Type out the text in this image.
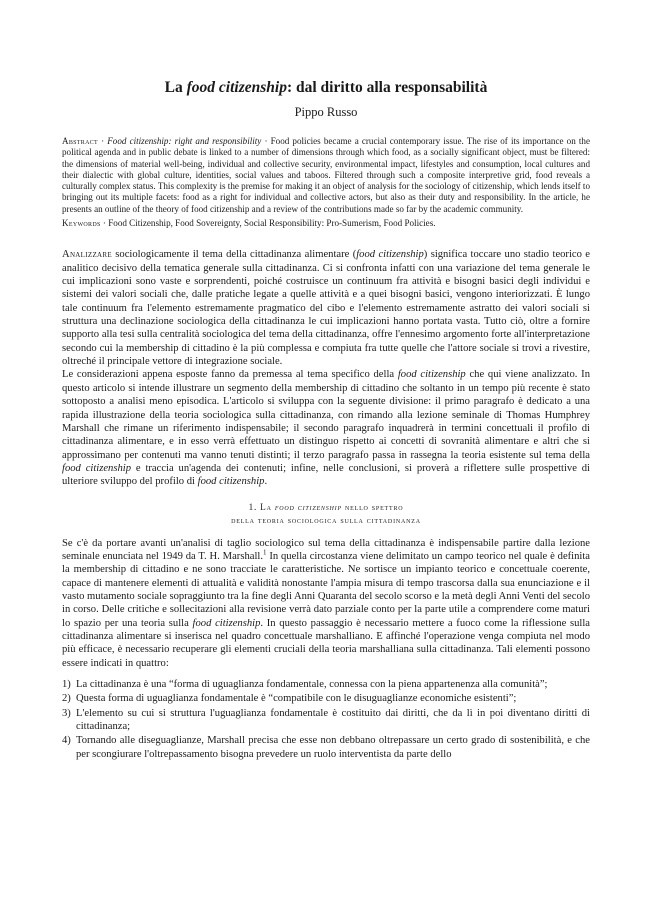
La food citizenship: dal diritto alla responsabilità
Pippo Russo
Abstract · Food citizenship: right and responsibility · Food policies became a crucial contemporary issue. The rise of its importance on the political agenda and in public debate is linked to a number of dimensions through which food, as a socially significant object, must be filtered: the dimensions of material well-being, individual and collective security, environmental impact, lifestyles and consumption, local cultures and their dialectic with global culture, identities, social values and taboos. Filtered through such a composite interpretive grid, food reveals a culturally complex status. This complexity is the premise for making it an object of analysis for the sociology of citizenship, which lends itself to bringing out its multiple facets: food as a right for individual and collective actors, but also as their duty and responsibility. In the article, he presents an outline of the theory of food citizenship and a review of the contributions made so far by the academic community.
Keywords · Food Citizenship, Food Sovereignty, Social Responsibility: Pro-Sumerism, Food Policies.

Analizzare sociologicamente il tema della cittadinanza alimentare (food citizenship) significa toccare uno stadio teorico e analitico decisivo della tematica generale sulla cittadinanza. Ci si confronta infatti con una variazione del tema generale le cui implicazioni sono vaste e sorprendenti, poiché costruisce un continuum fra attività e bisogni basici degli individui e sistemi dei valori sociali che, dalle pratiche legate a quelle attività e a quei bisogni basici, vengono interiorizzati. È lungo tale continuum fra l'elemento estremamente pragmatico del cibo e l'elemento estremamente astratto dei valori sociali si struttura una declinazione sociologica della cittadinanza le cui implicazioni hanno portata vasta. Tutto ciò, oltre a fornire supporto alla tesi sulla centralità sociologica del tema della cittadinanza, offre l'ennesimo argomento forte all'interpretazione secondo cui la membership di cittadino è la più complessa e compiuta fra tutte quelle che l'attore sociale si trovi a rivestire, oltreché il principale vettore di integrazione sociale.

Le considerazioni appena esposte fanno da premessa al tema specifico della food citizenship che qui viene analizzato. In questo articolo si intende illustrare un segmento della membership di cittadino che soltanto in un tempo più recente è stato sottoposto a analisi meno episodica. L'articolo si sviluppa con la seguente divisione: il primo paragrafo è dedicato a una rapida illustrazione della teoria sociologica sulla cittadinanza, con rimando alla lezione seminale di Thomas Humphrey Marshall che rimane un riferimento indispensabile; il secondo paragrafo inquadrerà in termini concettuali il profilo di cittadinanza alimentare, e in esso verrà effettuato un distinguo rispetto ai concetti di sovranità alimentare e altri che si approssimano per contenuti ma vanno tenuti distinti; il terzo paragrafo passa in rassegna la teoria esistente sul tema della food citizenship e traccia un'agenda dei contenuti; infine, nelle conclusioni, si proverà a riflettere sulle prospettive di ulteriore sviluppo del profilo di food citizenship.

1. La food citizenship nello spettro
della teoria sociologica sulla cittadinanza

Se c'è da portare avanti un'analisi di taglio sociologico sul tema della cittadinanza è indispensabile partire dalla lezione seminale enunciata nel 1949 da T. H. Marshall.$^1$ In quella circostanza viene delimitato un campo teorico nel quale è definita la membership di cittadino e ne sono tracciate le caratteristiche. Ne sortisce un impianto teorico e concettuale coerente, capace di mantenere elementi di attualità e validità nonostante l'ampia misura di tempo trascorsa dalla sua enunciazione e il vasto mutamento sociale sopraggiunto tra la fine degli Anni Quaranta del secolo scorso e la metà degli Anni Venti del secolo in corso. Delle critiche e sollecitazioni alla revisione verrà dato parziale conto per la parte utile a comprendere come maturi lo spazio per una teoria sulla food citizenship. In questo passaggio è necessario mettere a fuoco come la riflessione sulla cittadinanza alimentare si inserisca nel quadro concettuale marshalliano. E affinché l'operazione venga compiuta nel modo più efficace, è necessario recuperare gli elementi cruciali della teoria marshalliana sulla cittadinanza. Tali elementi possono essere indicati in quattro:

1) La cittadinanza è una “forma di uguaglianza fondamentale, connessa con la piena appartenenza alla comunità”;
2) Questa forma di uguaglianza fondamentale è “compatibile con le disuguaglianze economiche esistenti”;
3) L'elemento su cui si struttura l'uguaglianza fondamentale è costituito dai diritti, che da lì in poi diventano diritti di cittadinanza;
4) Tornando alle diseguaglianze, Marshall precisa che esse non debbano oltrepassare un certo grado di sostenibilità, e che per scongiurare l'oltrepassamento bisogna prevedere un ruolo interventista da parte dello
